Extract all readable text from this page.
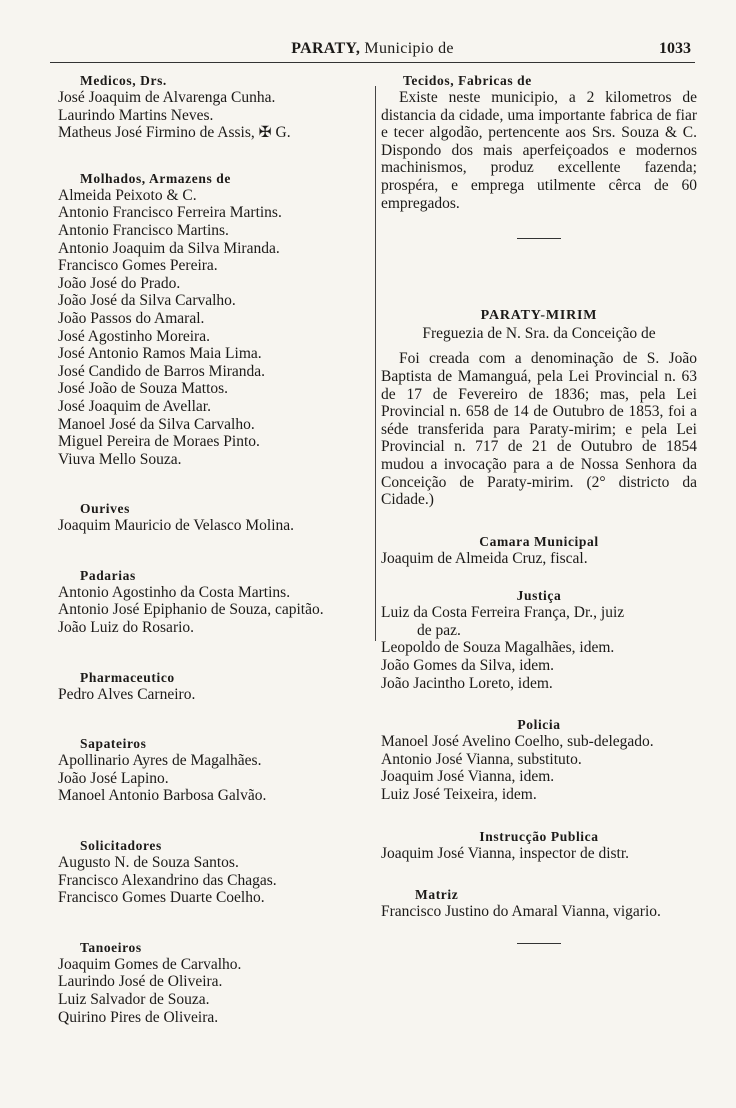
PARATY, Municipio de	1033

Medicos, Drs.

José Joaquim de Alvarenga Cunha.

Laurindo Martins Neves.

Matheus José Firmino de Assis, ✠ G.

Molhados, Armazens de

Almeida Peixoto & C.

Antonio Francisco Ferreira Martins.

Antonio Francisco Martins.

Antonio Joaquim da Silva Miranda.

Francisco Gomes Pereira.

João José do Prado.

João José da Silva Carvalho.

João Passos do Amaral.

José Agostinho Moreira.

José Antonio Ramos Maia Lima.

José Candido de Barros Miranda.

José João de Souza Mattos.

José Joaquim de Avellar.

Manoel José da Silva Carvalho.

Miguel Pereira de Moraes Pinto.

Viuva Mello Souza.

Ourives

Joaquim Mauricio de Velasco Molina.

Padarias

Antonio Agostinho da Costa Martins.

Antonio José Epiphanio de Souza, capitão.

João Luiz do Rosario.

Pharmaceutico

Pedro Alves Carneiro.

Sapateiros

Apollinario Ayres de Magalhães.

João José Lapino.

Manoel Antonio Barbosa Galvão.

Solicitadores

Augusto N. de Souza Santos.

Francisco Alexandrino das Chagas.

Francisco Gomes Duarte Coelho.

Tanoeiros

Joaquim Gomes de Carvalho.

Laurindo José de Oliveira.

Luiz Salvador de Souza.

Quirino Pires de Oliveira.

Tecidos, Fabricas de

Existe neste municipio, a 2 kilometros de distancia da cidade, uma importante fabrica de fiar e tecer algodão, pertencente aos Srs. Souza & C. Dispondo dos mais aperfeiçoados e modernos machinismos, produz excellente fazenda; prospéra, e emprega utilmente cêrca de 60 empregados.

PARATY-MIRIM

Freguezia de N. Sra. da Conceição de

Foi creada com a denominação de S. João Baptista de Mamanguá, pela Lei Provincial n. 63 de 17 de Fevereiro de 1836; mas, pela Lei Provincial n. 658 de 14 de Outubro de 1853, foi a séde transferida para Paraty-mirim; e pela Lei Provincial n. 717 de 21 de Outubro de 1854 mudou a invocação para a de Nossa Senhora da Conceição de Paraty-mirim. (2° districto da Cidade.)

Camara Municipal

Joaquim de Almeida Cruz, fiscal.

Justiça

Luiz da Costa Ferreira França, Dr., juiz

de paz.

Leopoldo de Souza Magalhães, idem.

João Gomes da Silva, idem.

João Jacintho Loreto, idem.

Policia

Manoel José Avelino Coelho, sub-delegado.

Antonio José Vianna, substituto.

Joaquim José Vianna, idem.

Luiz José Teixeira, idem.

Instrucção Publica

Joaquim José Vianna, inspector de distr.

Matriz

Francisco Justino do Amaral Vianna, vigario.
